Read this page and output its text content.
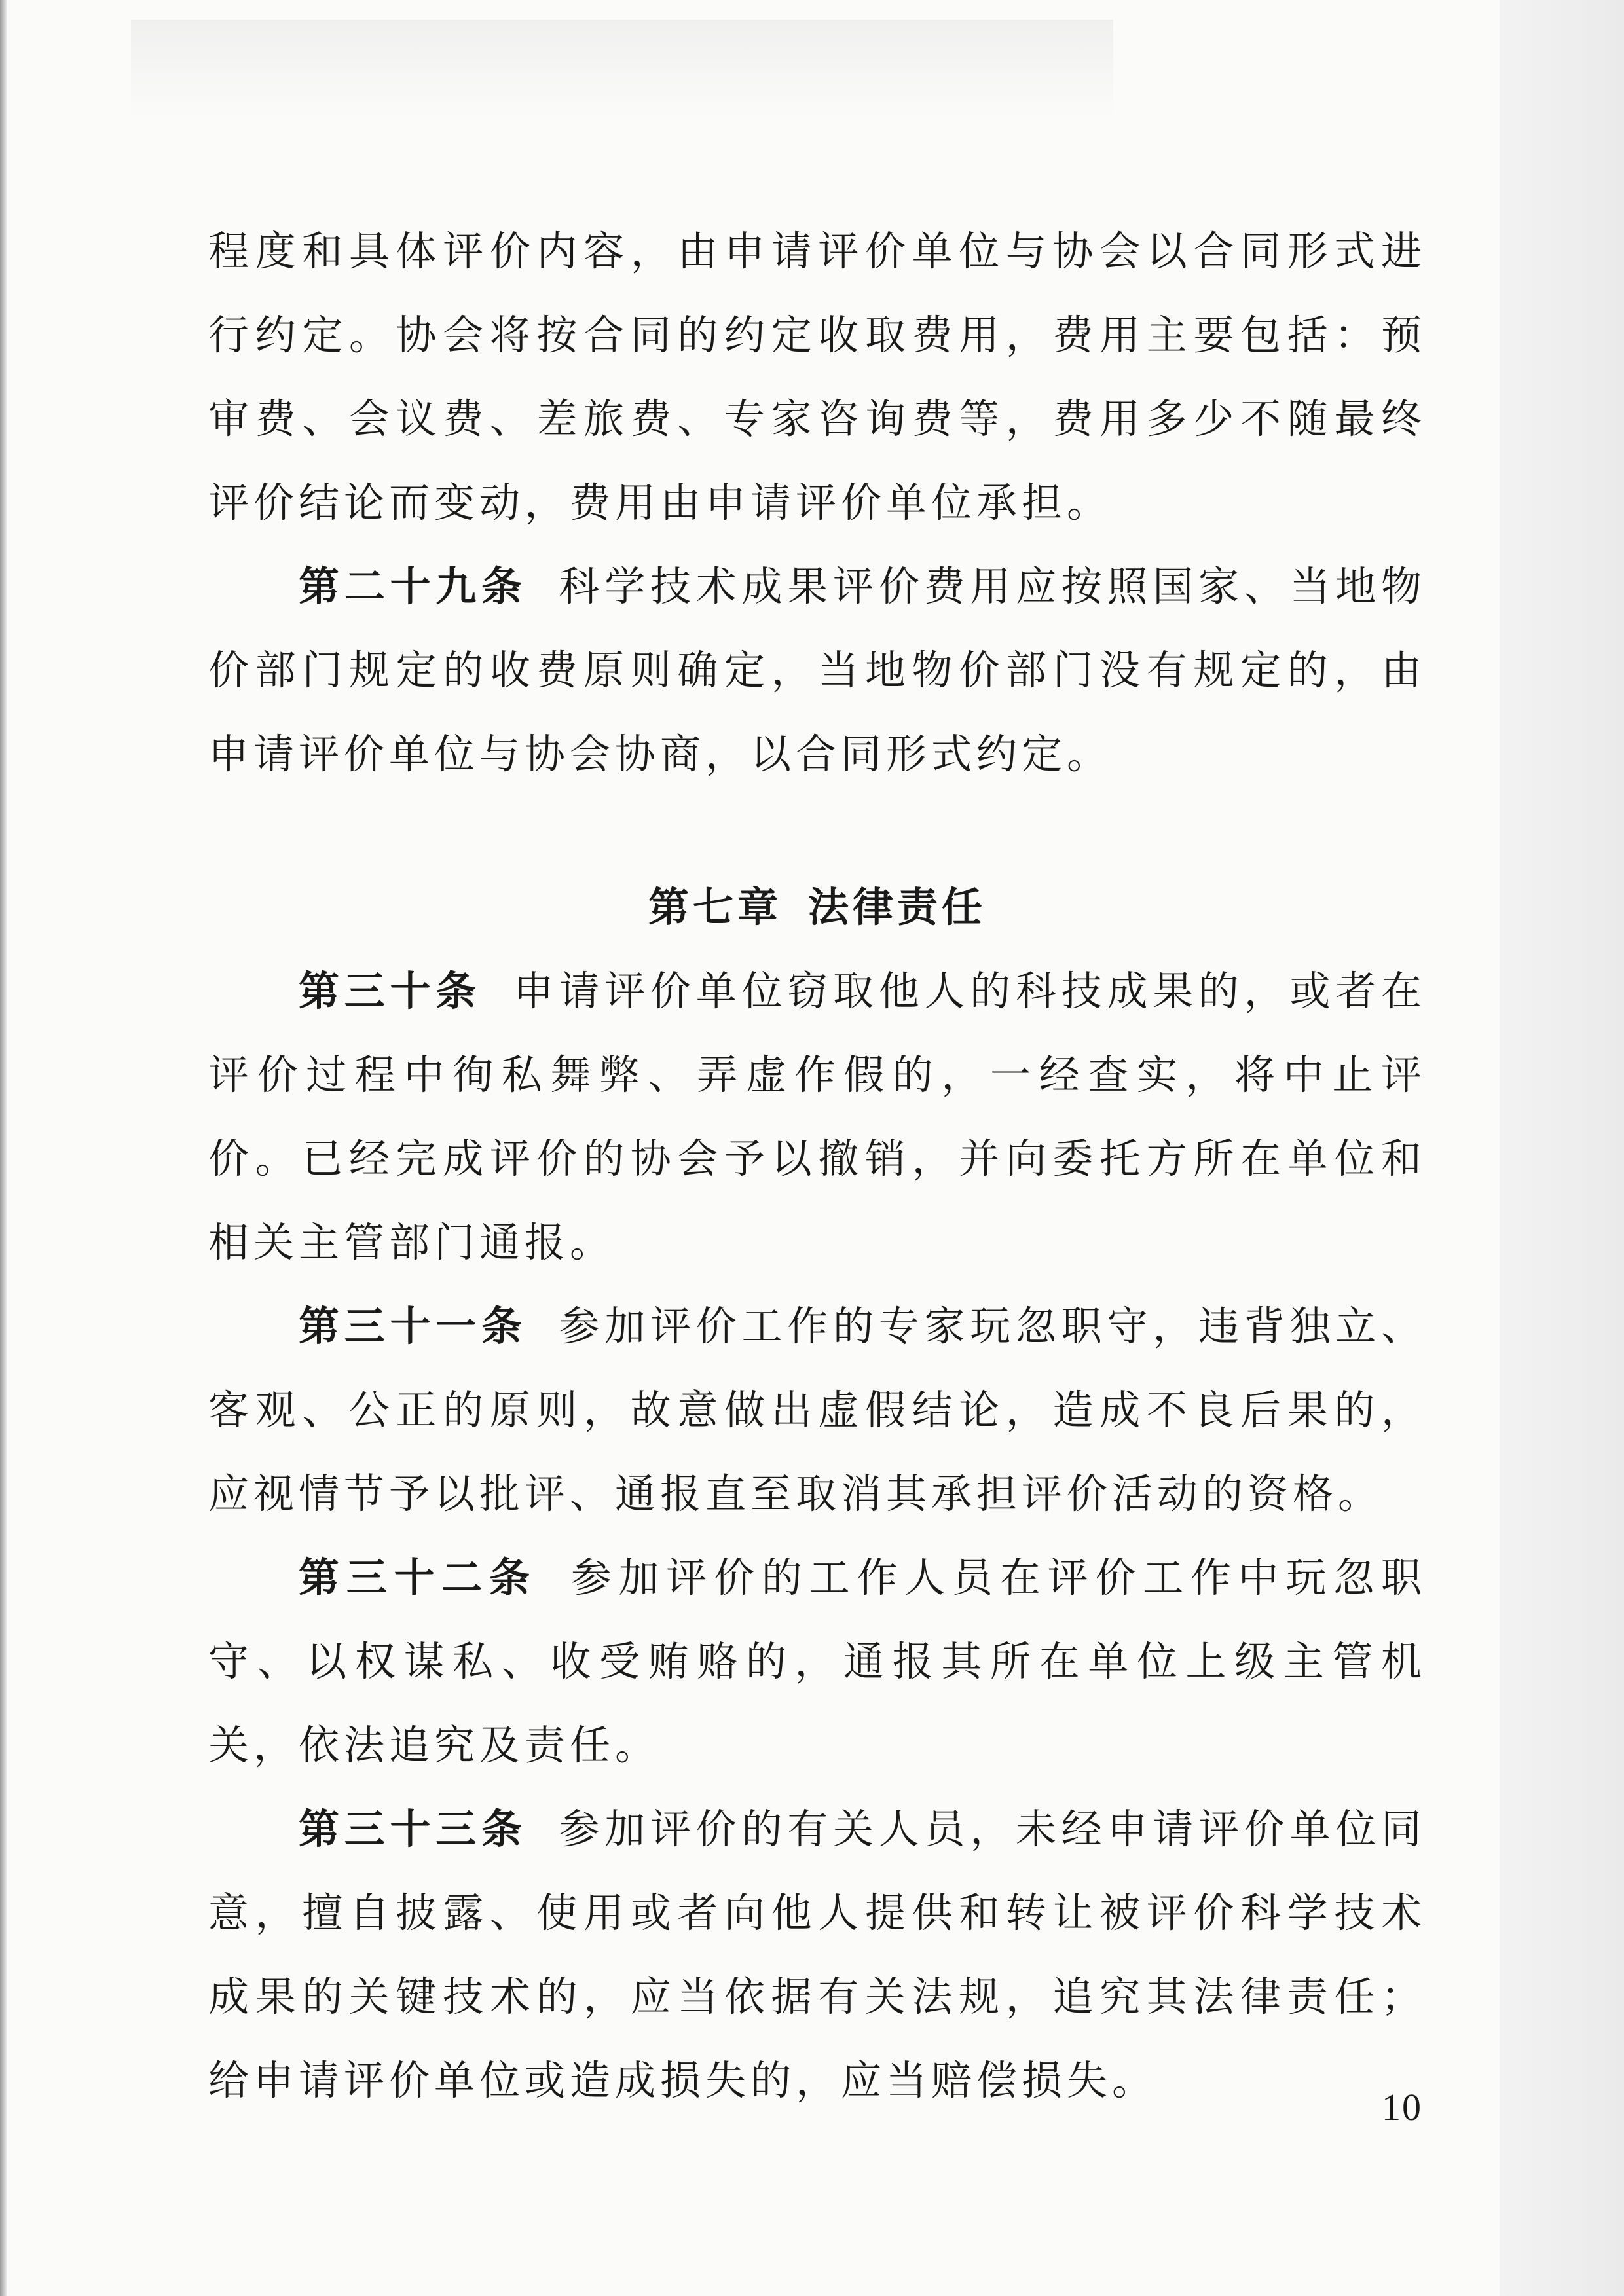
程度和具体评价内容，由申请评价单位与协会以合同形式进行约定。协会将按合同的约定收取费用，费用主要包括：预审费、会议费、差旅费、专家咨询费等，费用多少不随最终评价结论而变动，费用由申请评价单位承担。

第二十九条 科学技术成果评价费用应按照国家、当地物价部门规定的收费原则确定，当地物价部门没有规定的，由申请评价单位与协会协商，以合同形式约定。

第七章 法律责任

第三十条 申请评价单位窃取他人的科技成果的，或者在评价过程中徇私舞弊、弄虚作假的，一经查实，将中止评价。已经完成评价的协会予以撤销，并向委托方所在单位和相关主管部门通报。

第三十一条 参加评价工作的专家玩忽职守，违背独立、客观、公正的原则，故意做出虚假结论，造成不良后果的，应视情节予以批评、通报直至取消其承担评价活动的资格。

第三十二条 参加评价的工作人员在评价工作中玩忽职守、以权谋私、收受贿赂的，通报其所在单位上级主管机关，依法追究及责任。

第三十三条 参加评价的有关人员，未经申请评价单位同意，擅自披露、使用或者向他人提供和转让被评价科学技术成果的关键技术的，应当依据有关法规，追究其法律责任；给申请评价单位或造成损失的，应当赔偿损失。

10
